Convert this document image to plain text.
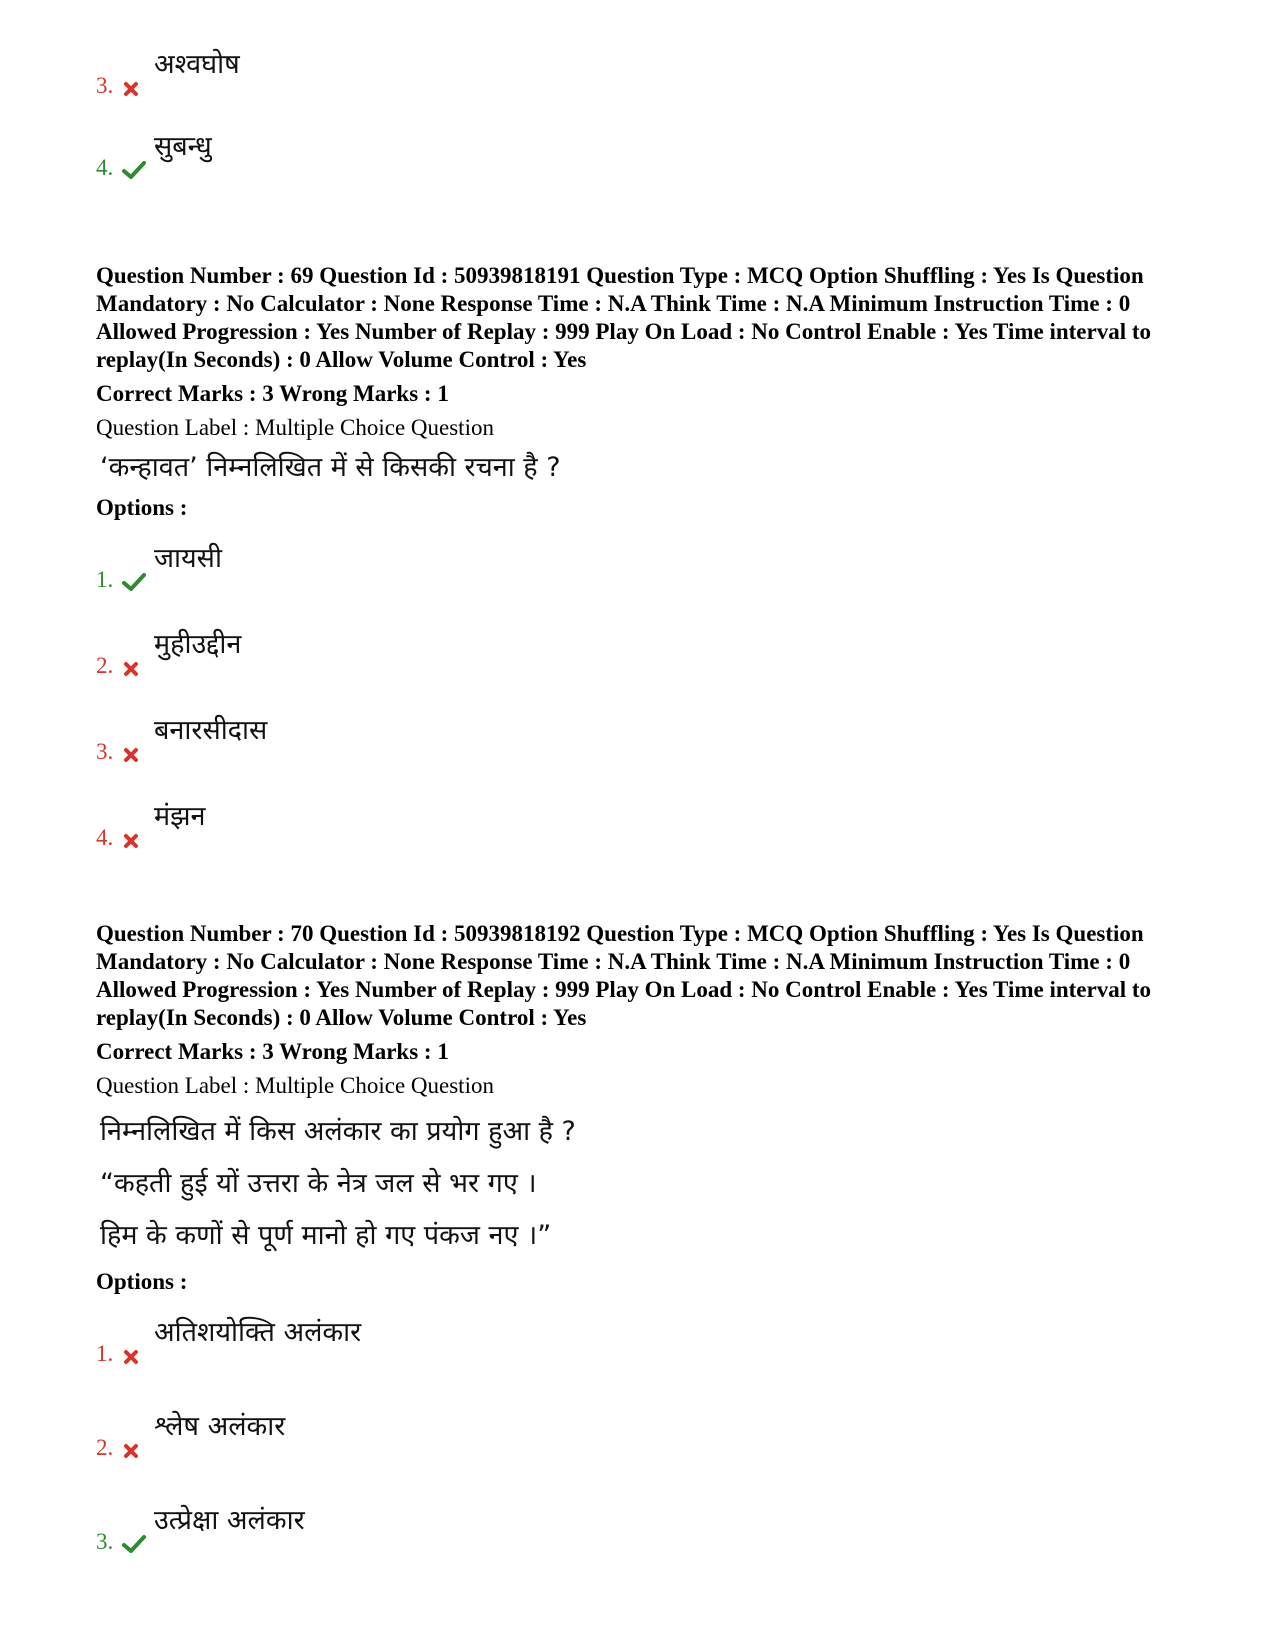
3.
अश्वघोष
4.
सुबन्धु

Question Number : 69 Question Id : 50939818191 Question Type : MCQ Option Shuffling : Yes Is Question Mandatory : No Calculator : None Response Time : N.A Think Time : N.A Minimum Instruction Time : 0 Allowed Progression : Yes Number of Replay : 999 Play On Load : No Control Enable : Yes Time interval to replay(In Seconds) : 0 Allow Volume Control : Yes

Correct Marks : 3 Wrong Marks : 1
Question Label : Multiple Choice Question
‘कन्हावत’ निम्नलिखित में से किसकी रचना है ?
Options :
1.
जायसी
2.
मुहीउद्दीन
3.
बनारसीदास
4.
मंझन

Question Number : 70 Question Id : 50939818192 Question Type : MCQ Option Shuffling : Yes Is Question Mandatory : No Calculator : None Response Time : N.A Think Time : N.A Minimum Instruction Time : 0 Allowed Progression : Yes Number of Replay : 999 Play On Load : No Control Enable : Yes Time interval to replay(In Seconds) : 0 Allow Volume Control : Yes

Correct Marks : 3 Wrong Marks : 1
Question Label : Multiple Choice Question
निम्नलिखित में किस अलंकार का प्रयोग हुआ है ?
“कहती हुई यों उत्तरा के नेत्र जल से भर गए ।
हिम के कणों से पूर्ण मानो हो गए पंकज नए ।”
Options :
1.
अतिशयोक्ति अलंकार
2.
श्लेष अलंकार
3.
उत्प्रेक्षा अलंकार
